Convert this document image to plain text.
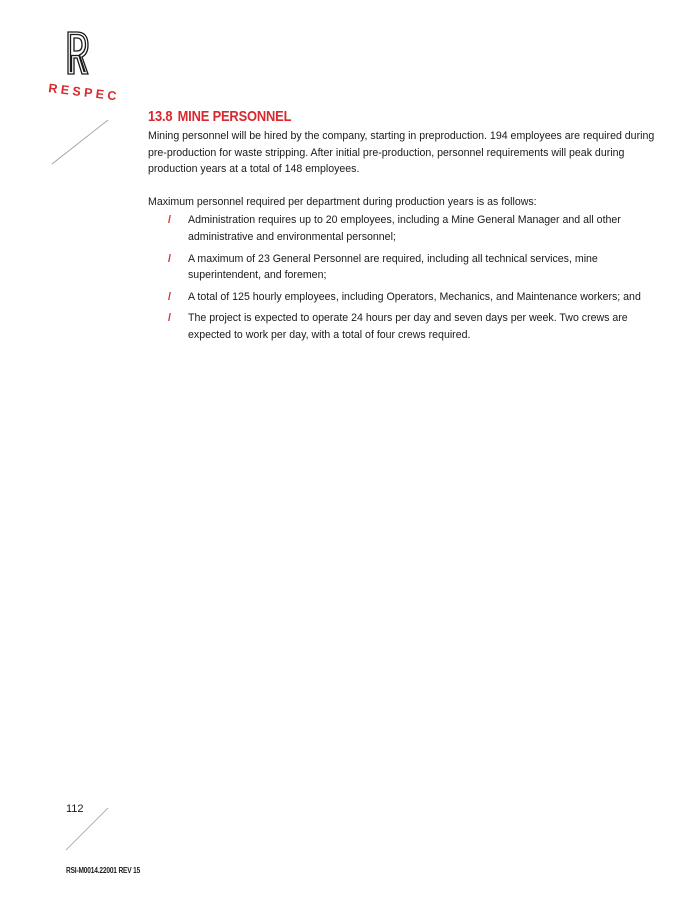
RESPEC
13.8 MINE PERSONNEL

Mining personnel will be hired by the company, starting in preproduction. 194 employees are required during pre-production for waste stripping. After initial pre-production, personnel requirements will peak during production years at a total of 148 employees.

Maximum personnel required per department during production years is as follows:

/ Administration requires up to 20 employees, including a Mine General Manager and all other administrative and environmental personnel;
/ A maximum of 23 General Personnel are required, including all technical services, mine superintendent, and foremen;
/ A total of 125 hourly employees, including Operators, Mechanics, and Maintenance workers; and
/ The project is expected to operate 24 hours per day and seven days per week. Two crews are expected to work per day, with a total of four crews required.
112
RSI-M0014.22001 REV 15
